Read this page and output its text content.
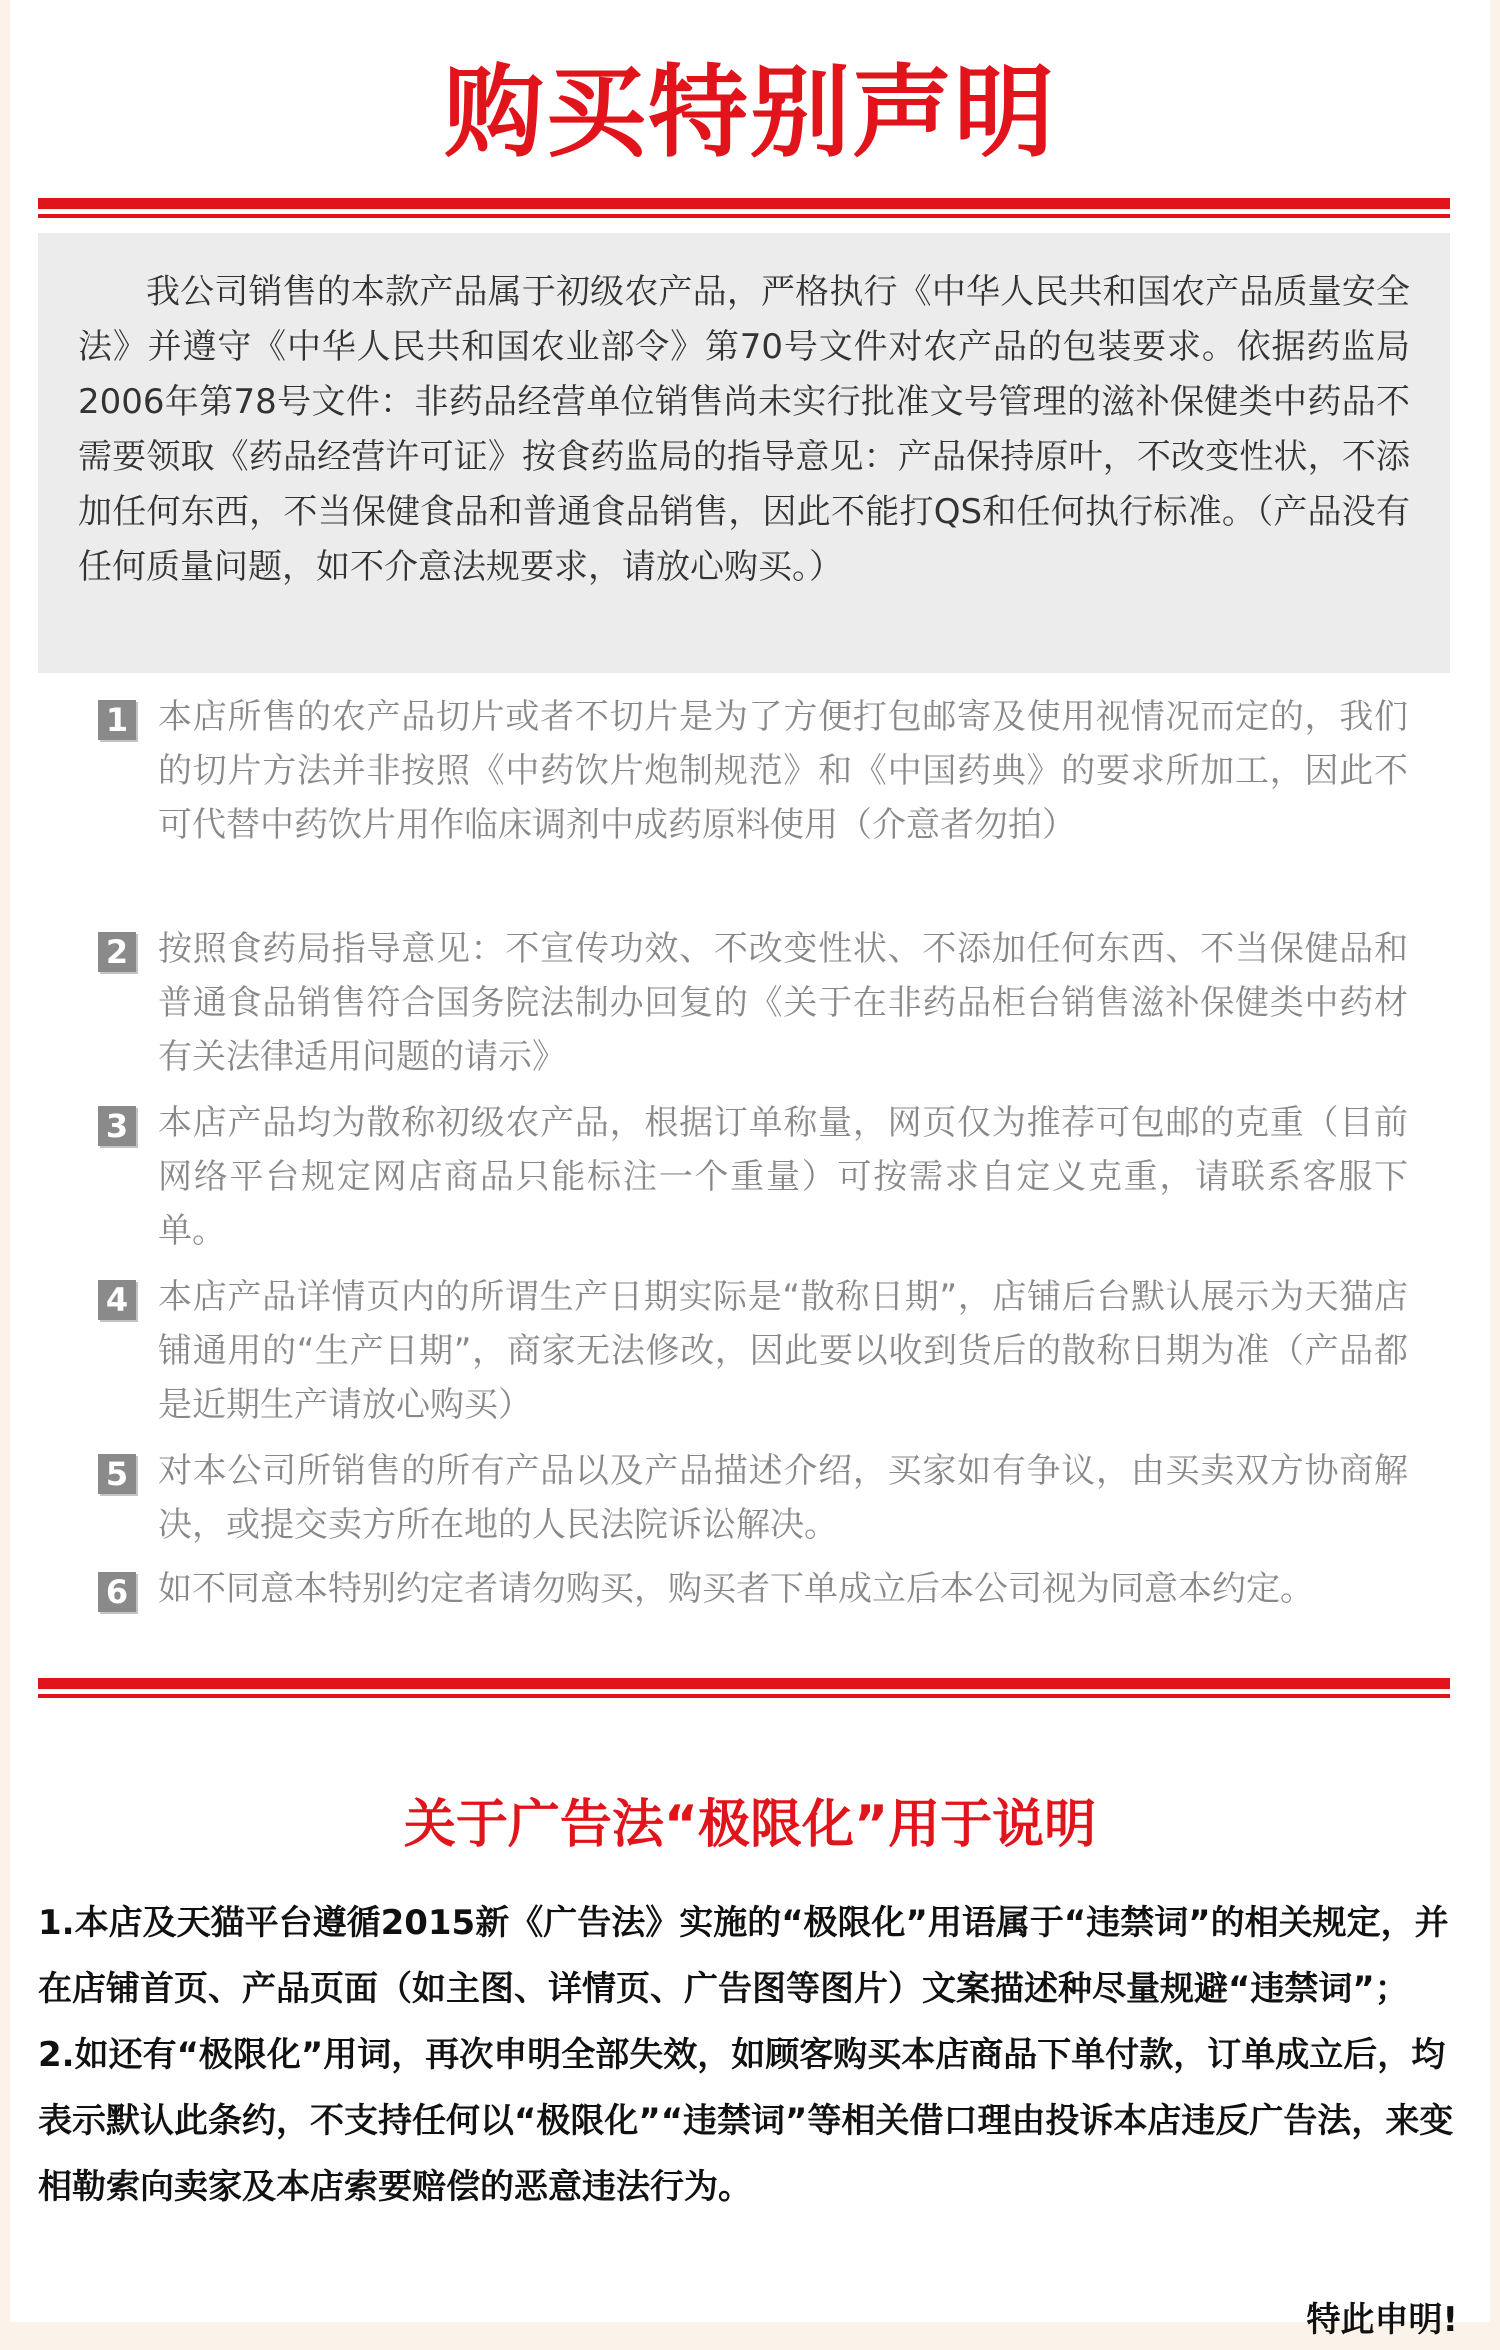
购买特别声明

我公司销售的本款产品属于初级农产品，严格执行《中华人民共和国农产品质量安全法》并遵守《中华人民共和国农业部令》第70号文件对农产品的包装要求。依据药监局2006年第78号文件：非药品经营单位销售尚未实行批准文号管理的滋补保健类中药品不需要领取《药品经营许可证》按食药监局的指导意见：产品保持原叶，不改变性状，不添加任何东西，不当保健食品和普通食品销售，因此不能打QS和任何执行标准。（产品没有任何质量问题，如不介意法规要求，请放心购买。）

1 本店所售的农产品切片或者不切片是为了方便打包邮寄及使用视情况而定的，我们的切片方法并非按照《中药饮片炮制规范》和《中国药典》的要求所加工，因此不可代替中药饮片用作临床调剂中成药原料使用（介意者勿拍）
2 按照食药局指导意见：不宣传功效、不改变性状、不添加任何东西、不当保健品和普通食品销售符合国务院法制办回复的《关于在非药品柜台销售滋补保健类中药材有关法律适用问题的请示》
3 本店产品均为散称初级农产品，根据订单称量，网页仅为推荐可包邮的克重（目前网络平台规定网店商品只能标注一个重量）可按需求自定义克重，请联系客服下单。
4 本店产品详情页内的所谓生产日期实际是“散称日期”，店铺后台默认展示为天猫店铺通用的“生产日期”，商家无法修改，因此要以收到货后的散称日期为准（产品都是近期生产请放心购买）
5 对本公司所销售的所有产品以及产品描述介绍，买家如有争议，由买卖双方协商解决，或提交卖方所在地的人民法院诉讼解决。
6 如不同意本特别约定者请勿购买，购买者下单成立后本公司视为同意本约定。
关于广告法“极限化”用于说明

1.本店及天猫平台遵循2015新《广告法》实施的“极限化”用语属于“违禁词”的相关规定，并在店铺首页、产品页面（如主图、详情页、广告图等图片）文案描述种尽量规避“违禁词”；

2.如还有“极限化”用词，再次申明全部失效，如顾客购买本店商品下单付款，订单成立后，均表示默认此条约，不支持任何以“极限化”“违禁词”等相关借口理由投诉本店违反广告法，来变相勒索向卖家及本店索要赔偿的恶意违法行为。

特此申明!
